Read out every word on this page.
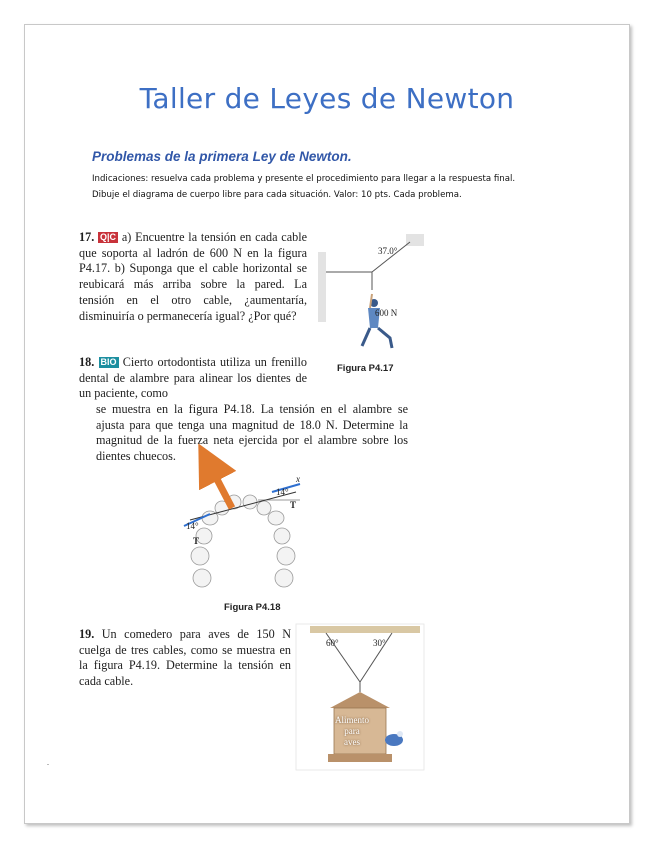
Taller de Leyes de Newton
Problemas de la primera Ley de Newton.
Indicaciones: resuelva cada problema y presente el procedimiento para llegar a la respuesta final.
Dibuje el diagrama de cuerpo libre para cada situación. Valor: 10 pts. Cada problema.
17. Q|C a) Encuentre la tensión en cada cable que soporta al ladrón de 600 N en la figura P4.17. b) Suponga que el cable horizontal se reubicará más arriba sobre la pared. La tensión en el otro cable, ¿aumentaría, disminuiría o permanecería igual? ¿Por qué?
37.0°
600 N
Figura P4.17
18. BIO Cierto ortodontista utiliza un frenillo dental de alambre para alinear los dientes de un paciente, como
se muestra en la figura P4.18. La tensión en el alambre se ajusta para que tenga una magnitud de 18.0 N. Determine la magnitud de la fuerza neta ejercida por el alambre sobre los dientes chuecos.
x
14°
T
14°
T
Figura P4.18
19. Un comedero para aves de 150 N cuelga de tres cables, como se muestra en la figura P4.19. Determine la tensión en cada cable.
60°	30°
Alimento
para
aves
